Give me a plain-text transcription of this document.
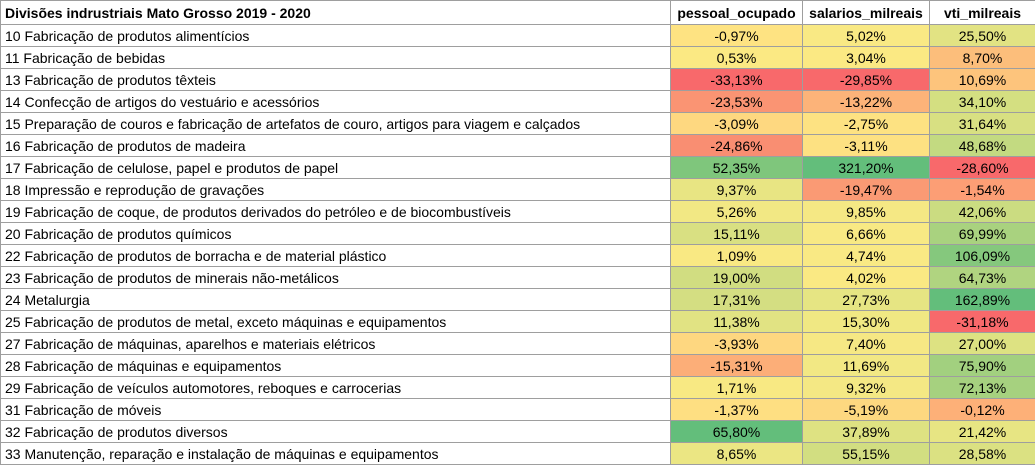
Divisões indrustriais Mato Grosso 2019 - 2020	pessoal_ocupado	salarios_milreais	vti_milreais
10 Fabricação de produtos alimentícios	-0,97%	5,02%	25,50%
11 Fabricação de bebidas	0,53%	3,04%	8,70%
13 Fabricação de produtos têxteis	-33,13%	-29,85%	10,69%
14 Confecção de artigos do vestuário e acessórios	-23,53%	-13,22%	34,10%
15 Preparação de couros e fabricação de artefatos de couro, artigos para viagem e calçados	-3,09%	-2,75%	31,64%
16 Fabricação de produtos de madeira	-24,86%	-3,11%	48,68%
17 Fabricação de celulose, papel e produtos de papel	52,35%	321,20%	-28,60%
18 Impressão e reprodução de gravações	9,37%	-19,47%	-1,54%
19 Fabricação de coque, de produtos derivados do petróleo e de biocombustíveis	5,26%	9,85%	42,06%
20 Fabricação de produtos químicos	15,11%	6,66%	69,99%
22 Fabricação de produtos de borracha e de material plástico	1,09%	4,74%	106,09%
23 Fabricação de produtos de minerais não-metálicos	19,00%	4,02%	64,73%
24 Metalurgia	17,31%	27,73%	162,89%
25 Fabricação de produtos de metal, exceto máquinas e equipamentos	11,38%	15,30%	-31,18%
27 Fabricação de máquinas, aparelhos e materiais elétricos	-3,93%	7,40%	27,00%
28 Fabricação de máquinas e equipamentos	-15,31%	11,69%	75,90%
29 Fabricação de veículos automotores, reboques e carrocerias	1,71%	9,32%	72,13%
31 Fabricação de móveis	-1,37%	-5,19%	-0,12%
32 Fabricação de produtos diversos	65,80%	37,89%	21,42%
33 Manutenção, reparação e instalação de máquinas e equipamentos	8,65%	55,15%	28,58%
